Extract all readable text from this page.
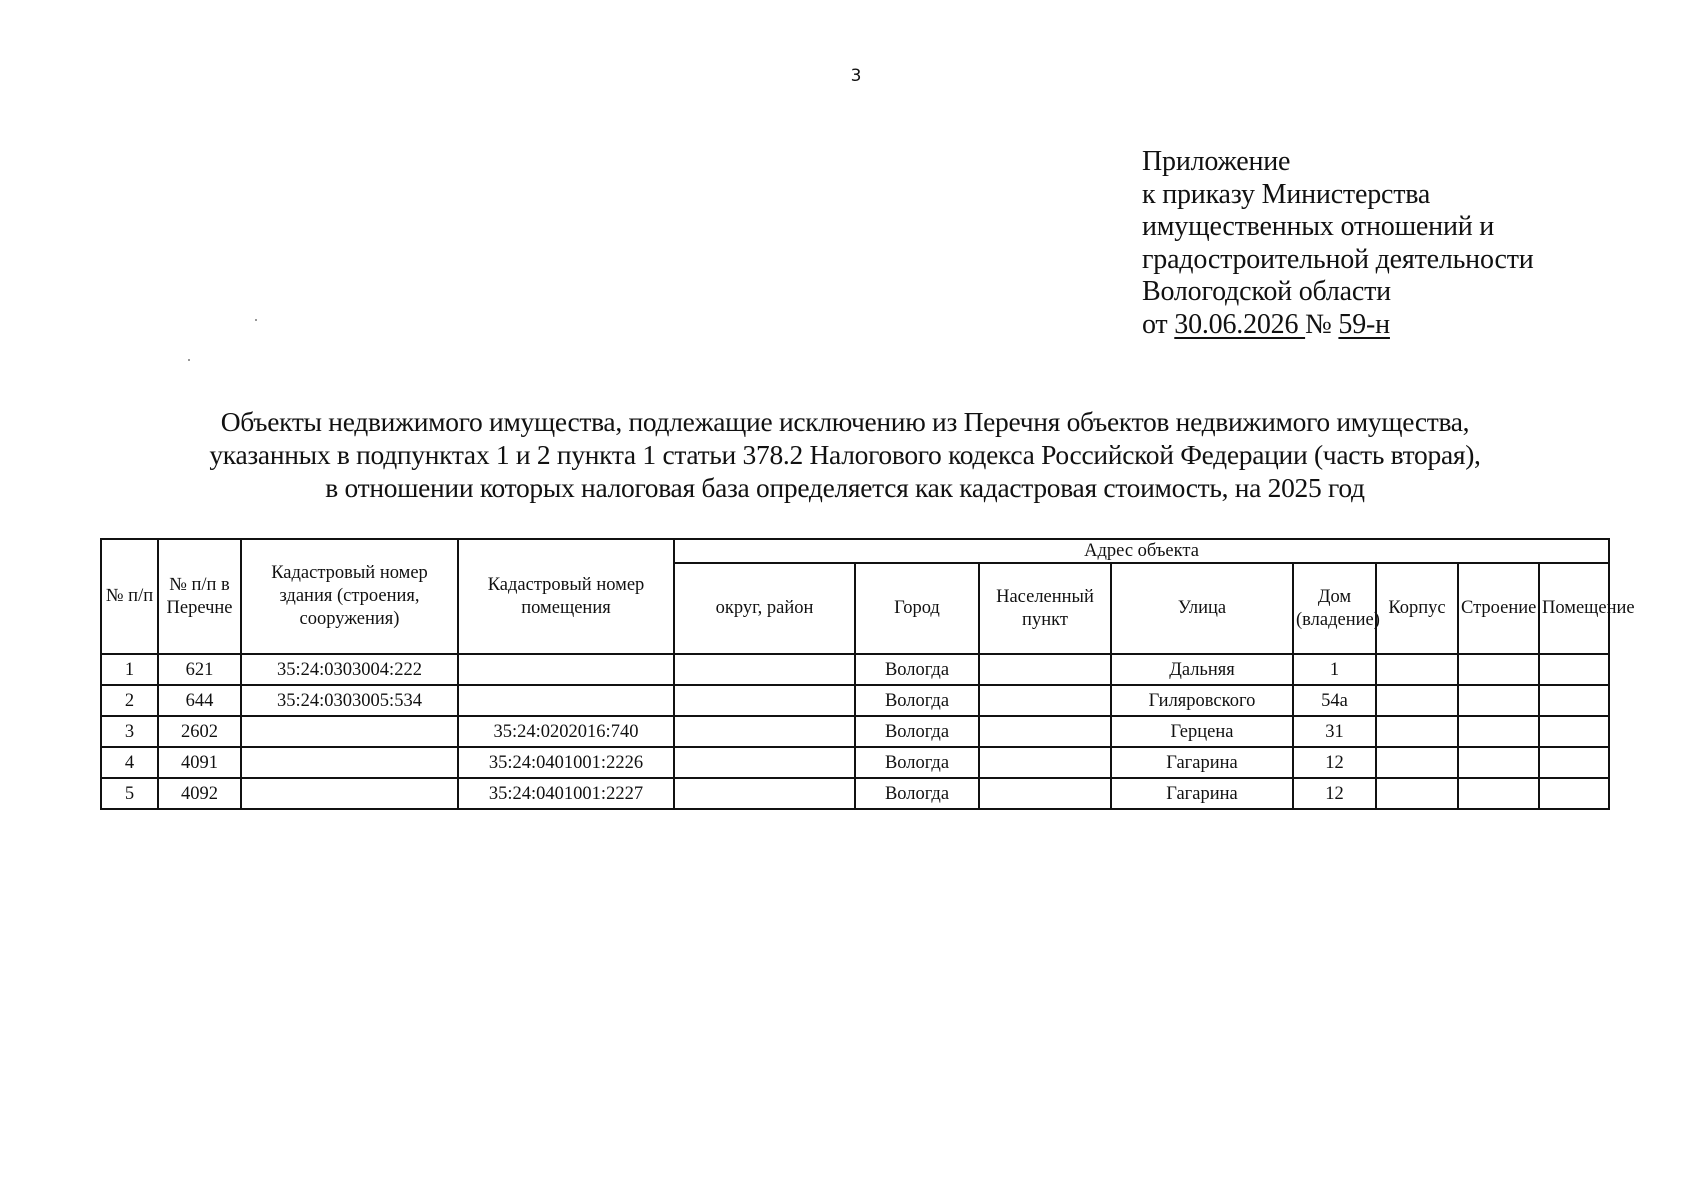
3
Приложение
к приказу Министерства
имущественных отношений и
градостроительной деятельности
Вологодской области
от 30.06.2026 № 59-н
Объекты недвижимого имущества, подлежащие исключению из Перечня объектов недвижимого имущества,
указанных в подпунктах 1 и 2 пункта 1 статьи 378.2 Налогового кодекса Российской Федерации (часть вторая),
в отношении которых налоговая база определяется как кадастровая стоимость, на 2025 год
№ п/п	№ п/п в Перечне	Кадастровый номер здания (строения, сооружения)	Кадастровый номер помещения	Адрес объекта							
				округ, район	Город	Населенный пункт	Улица	Дом (владение)	Корпус	Строение	Помещение
1	621	35:24:0303004:222			Вологда		Дальняя	1			
2	644	35:24:0303005:534			Вологда		Гиляровского	54а			
3	2602		35:24:0202016:740		Вологда		Герцена	31			
4	4091		35:24:0401001:2226		Вологда		Гагарина	12			
5	4092		35:24:0401001:2227		Вологда		Гагарина	12			
